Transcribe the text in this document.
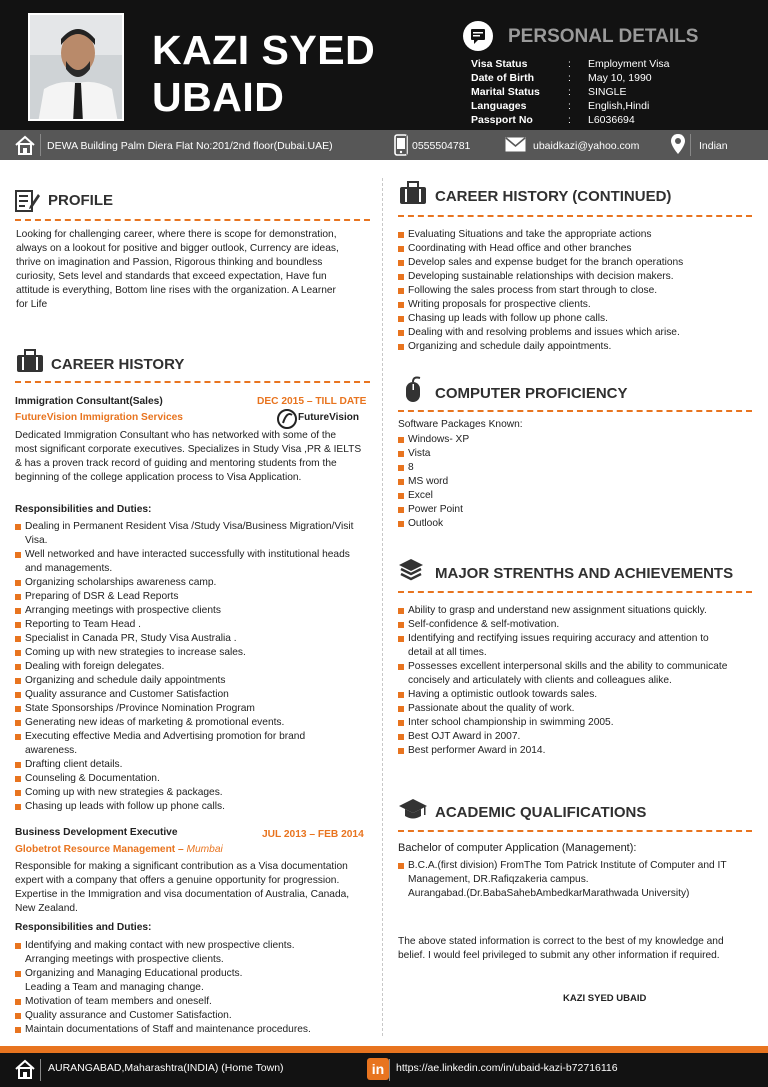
KAZI SYED
UBAID
PERSONAL DETAILS
Visa Status	: Employment Visa
Date of Birth	: May 10, 1990
Marital Status	: SINGLE
Languages	: English,Hindi
Passport No	: L6036694
DEWA Building Palm Diera Flat No:201/2nd floor(Dubai.UAE)	0555504781	ubaidkazi@yahoo.com	Indian
PROFILE
Looking for challenging career, where there is scope for demonstration,
always on a lookout for positive and bigger outlook, Currency are ideas,
thrive on imagination and Passion, Rigorous thinking and boundless
curiosity, Sets level and standards that exceed expectation, Have fun
attitude is everything, Bottom line rises with the organization. A Learner
for Life
CAREER HISTORY
Immigration Consultant(Sales)	DEC 2015 – TILL DATE
FutureVision Immigration Services	FutureVision
Dedicated Immigration Consultant who has networked with some of the
most significant corporate executives. Specializes in Study Visa ,PR & IELTS
& has a proven track record of guiding and mentoring students from the
beginning of the college application process to Visa Application.
Responsibilities and Duties:
Dealing in Permanent Resident Visa /Study Visa/Business Migration/Visit
Visa.
Well networked and have interacted successfully with institutional heads
and managements.
Organizing scholarships awareness camp.
Preparing of DSR & Lead Reports
Arranging meetings with prospective clients
Reporting to Team Head .
Specialist in Canada PR, Study Visa Australia .
Coming up with new strategies to increase sales.
Dealing with foreign delegates.
Organizing and schedule daily appointments
Quality assurance and Customer Satisfaction
State Sponsorships /Province Nomination Program
Generating new ideas of marketing & promotional events.
Executing effective Media and Advertising promotion for brand
awareness.
Drafting client details.
Counseling & Documentation.
Coming up with new strategies & packages.
Chasing up leads with follow up phone calls.
Business Development Executive	JUL 2013 – FEB 2014
Globetrot Resource Management – Mumbai
Responsible for making a significant contribution as a Visa documentation
expert with a company that offers a genuine opportunity for progression.
Expertise in the Immigration and visa documentation of Australia, Canada,
New Zealand.
Responsibilities and Duties:
Identifying and making contact with new prospective clients.
Arranging meetings with prospective clients.
Organizing and Managing Educational products.
Leading a Team and managing change.
Motivation of team members and oneself.
Quality assurance and Customer Satisfaction.
Maintain documentations of Staff and maintenance procedures.
CAREER HISTORY (CONTINUED)
Evaluating Situations and take the appropriate actions
Coordinating with Head office and other branches
Develop sales and expense budget for the branch operations
Developing sustainable relationships with decision makers.
Following the sales process from start through to close.
Writing proposals for prospective clients.
Chasing up leads with follow up phone calls.
Dealing with and resolving problems and issues which arise.
Organizing and schedule daily appointments.
COMPUTER PROFICIENCY
Software Packages Known:
Windows- XP
Vista
8
MS word
Excel
Power Point
Outlook
MAJOR STRENTHS AND ACHIEVEMENTS
Ability to grasp and understand new assignment situations quickly.
Self-confidence & self-motivation.
Identifying and rectifying issues requiring accuracy and attention to
detail at all times.
Possesses excellent interpersonal skills and the ability to communicate
concisely and articulately with clients and colleagues alike.
Having a optimistic outlook towards sales.
Passionate about the quality of work.
Inter school championship in swimming 2005.
Best OJT Award in 2007.
Best performer Award in 2014.
ACADEMIC QUALIFICATIONS
Bachelor of computer Application (Management):
B.C.A.(first division) FromThe Tom Patrick Institute of Computer and IT
Management, DR.Rafiqzakeria campus.
Aurangabad.(Dr.BabaSahebAmbedkarMarathwada University)
The above stated information is correct to the best of my knowledge and
belief. I would feel privileged to submit any other information if required.
KAZI SYED UBAID
AURANGABAD,Maharashtra(INDIA) (Home Town)	in	https://ae.linkedin.com/in/ubaid-kazi-b72716116
